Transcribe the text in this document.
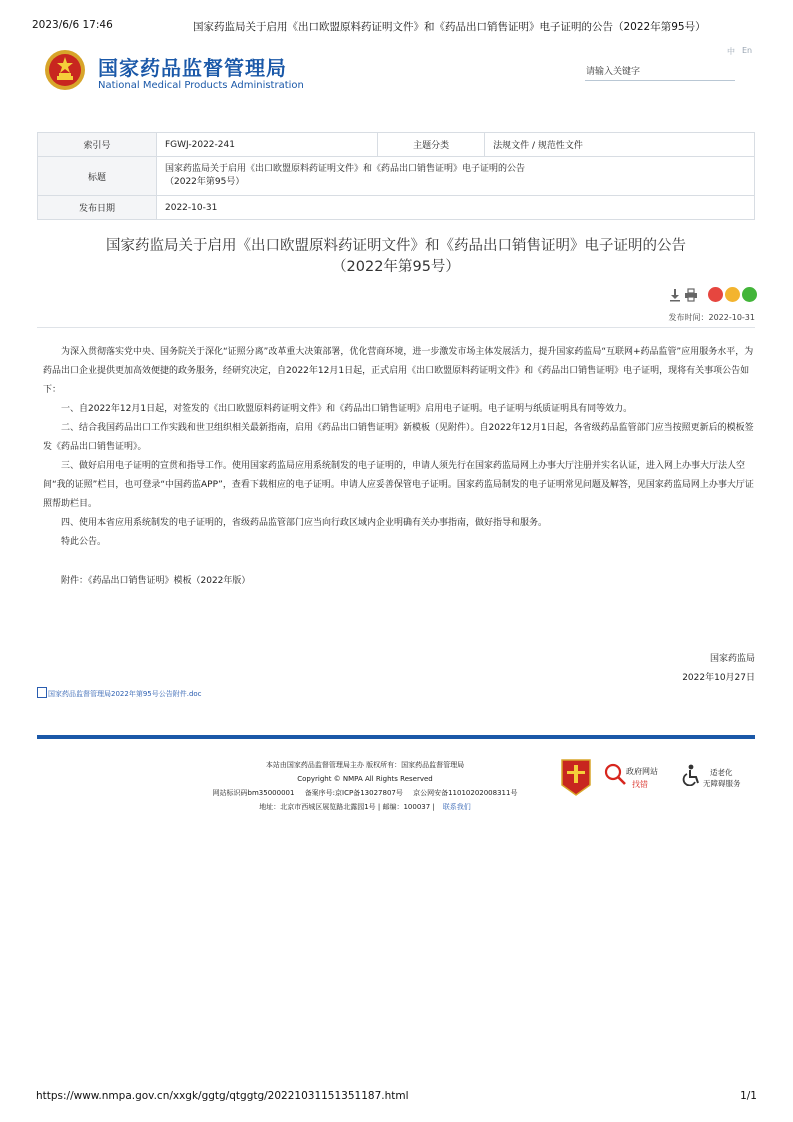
2023/6/6 17:46	国家药监局关于启用《出口欧盟原料药证明文件》和《药品出口销售证明》电子证明的公告（2022年第95号）
国家药品监督管理局
National Medical Products Administration
中 En
请输入关键字
索引号	FGWJ-2022-241	主题分类	法规文件 / 规范性文件
标题	国家药监局关于启用《出口欧盟原料药证明文件》和《药品出口销售证明》电子证明的公告（2022年第95号）		
发布日期	2022-10-31		
国家药监局关于启用《出口欧盟原料药证明文件》和《药品出口销售证明》电子证明的公告
（2022年第95号）
发布时间：2022-10-31

为深入贯彻落实党中央、国务院关于深化“证照分离”改革重大决策部署，优化营商环境，进一步激发市场主体发展活力，提升国家药监局“互联网+药品监管”应用服务水平，为药品出口企业提供更加高效便捷的政务服务，经研究决定，自2022年12月1日起，正式启用《出口欧盟原料药证明文件》和《药品出口销售证明》电子证明，现将有关事项公告如下：

一、自2022年12月1日起，对签发的《出口欧盟原料药证明文件》和《药品出口销售证明》启用电子证明。电子证明与纸质证明具有同等效力。

二、结合我国药品出口工作实践和世卫组织相关最新指南，启用《药品出口销售证明》新模板（见附件）。自2022年12月1日起，各省级药品监管部门应当按照更新后的模板签发《药品出口销售证明》。

三、做好启用电子证明的宣贯和指导工作。使用国家药监局应用系统制发的电子证明的，申请人须先行在国家药监局网上办事大厅注册并实名认证，进入网上办事大厅法人空间“我的证照”栏目，也可登录“中国药监APP”，查看下载相应的电子证明。申请人应妥善保管电子证明。国家药监局制发的电子证明常见问题及解答，见国家药监局网上办事大厅证照帮助栏目。

四、使用本省应用系统制发的电子证明的，省级药品监管部门应当向行政区域内企业明确有关办事指南，做好指导和服务。

特此公告。

附件：《药品出口销售证明》模板（2022年版）
国家药监局
2022年10月27日
国家药品监督管理局2022年第95号公告附件.doc
本站由国家药品监督管理局主办 版权所有：国家药品监督管理局
Copyright © NMPA All Rights Reserved
网站标识码bm35000001 备案序号:京ICP备13027807号 京公网安备11010202008311号
地址：北京市西城区展览路北露园1号 | 邮编：100037 | 联系我们
政府网站
找错
适老化
无障碍服务
https://www.nmpa.gov.cn/xxgk/ggtg/qtggtg/20221031151351187.html	1/1
